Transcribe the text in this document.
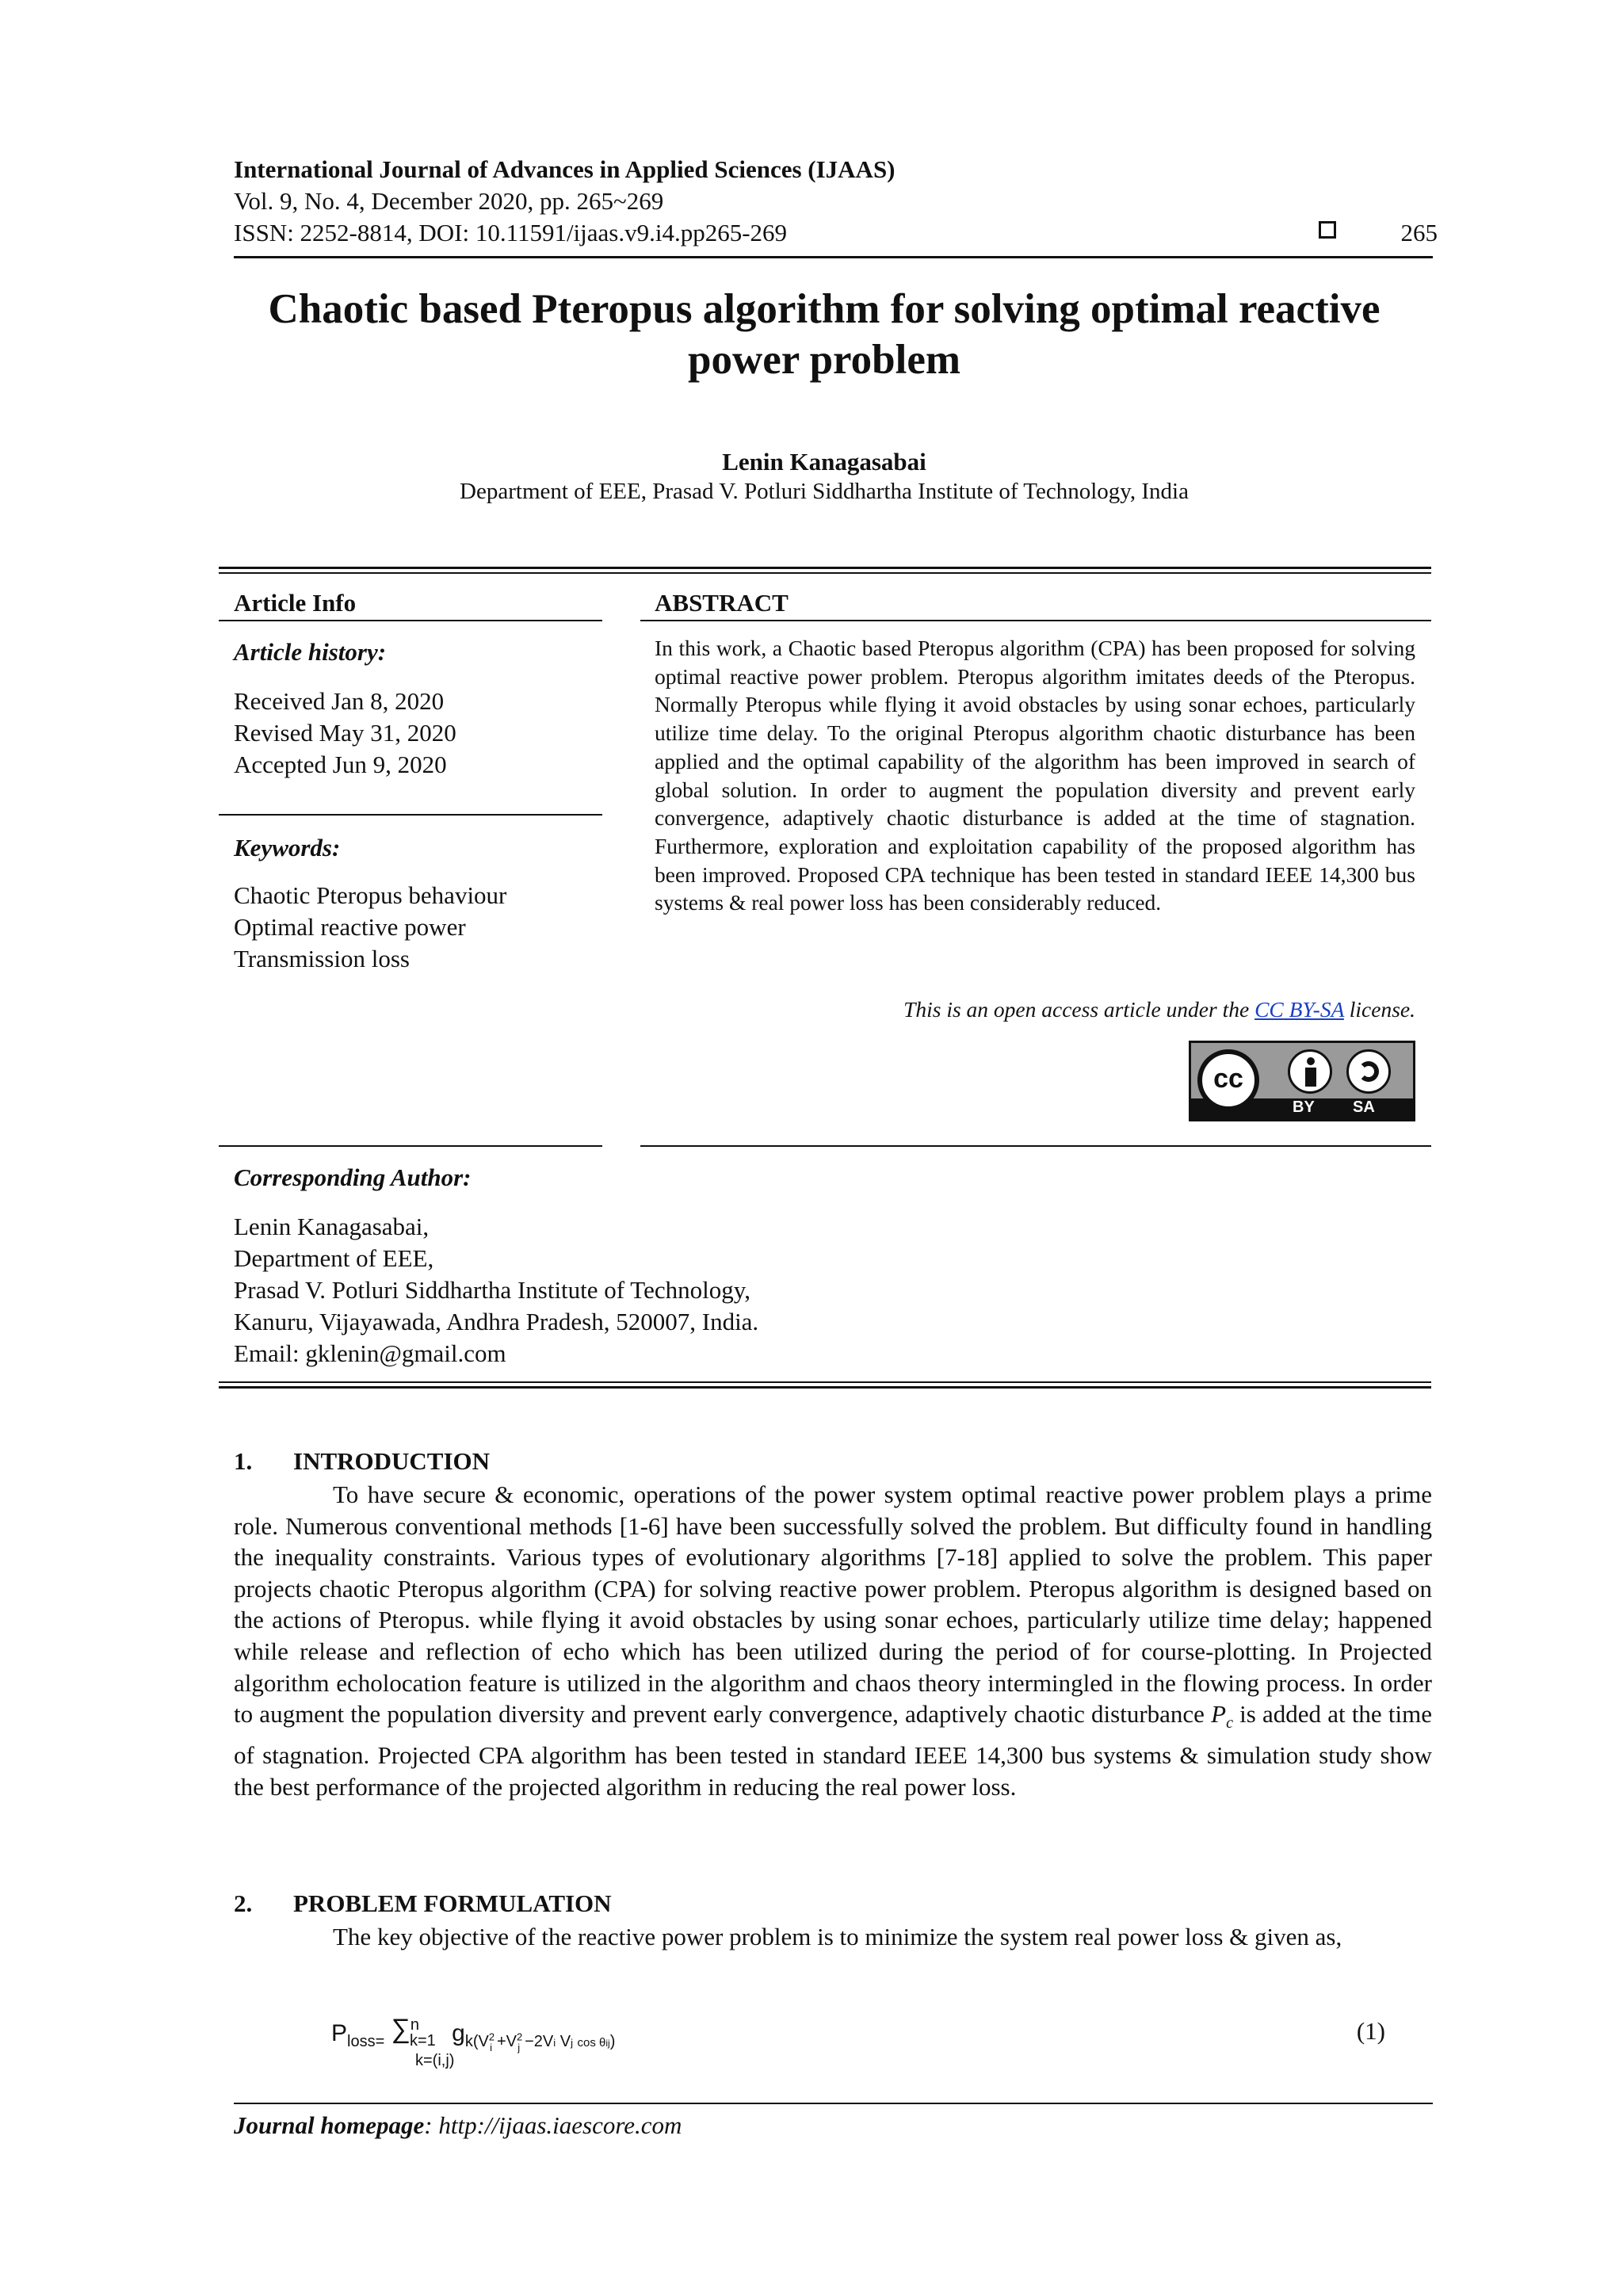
International Journal of Advances in Applied Sciences (IJAAS)
Vol. 9, No. 4, December 2020, pp. 265~269
ISSN: 2252-8814, DOI: 10.11591/ijaas.v9.i4.pp265-269	265
Chaotic based Pteropus algorithm for solving optimal reactive
power problem
Lenin Kanagasabai
Department of EEE, Prasad V. Potluri Siddhartha Institute of Technology, India
Article Info
Article history:
Received Jan 8, 2020
Revised May 31, 2020
Accepted Jun 9, 2020
Keywords:
Chaotic Pteropus behaviour
Optimal reactive power
Transmission loss
ABSTRACT
In this work, a Chaotic based Pteropus algorithm (CPA) has been proposed for solving optimal reactive power problem. Pteropus algorithm imitates deeds of the Pteropus. Normally Pteropus while flying it avoid obstacles by using sonar echoes, particularly utilize time delay. To the original Pteropus algorithm chaotic disturbance has been applied and the optimal capability of the algorithm has been improved in search of global solution. In order to augment the population diversity and prevent early convergence, adaptively chaotic disturbance is added at the time of stagnation. Furthermore, exploration and exploitation capability of the proposed algorithm has been improved. Proposed CPA technique has been tested in standard IEEE 14,300 bus systems & real power loss has been considerably reduced.
This is an open access article under the CC BY-SA license.
cc
BY SA
Corresponding Author:
Lenin Kanagasabai,
Department of EEE,
Prasad V. Potluri Siddhartha Institute of Technology,
Kanuru, Vijayawada, Andhra Pradesh, 520007, India.
Email: gklenin@gmail.com
1. INTRODUCTION

To have secure & economic, operations of the power system optimal reactive power problem plays a prime role. Numerous conventional methods [1-6] have been successfully solved the problem. But difficulty found in handling the inequality constraints. Various types of evolutionary algorithms [7-18] applied to solve the problem. This paper projects chaotic Pteropus algorithm (CPA) for solving reactive power problem. Pteropus algorithm is designed based on the actions of Pteropus. while flying it avoid obstacles by using sonar echoes, particularly utilize time delay; happened while release and reflection of echo which has been utilized during the period of for course-plotting. In Projected algorithm echolocation feature is utilized in the algorithm and chaos theory intermingled in the flowing process. In order to augment the population diversity and prevent early convergence, adaptively chaotic disturbance $P_c$ is added at the time of stagnation. Projected CPA algorithm has been tested in standard IEEE 14,300 bus systems & simulation study show the best performance of the projected algorithm in reducing the real power loss.

2. PROBLEM FORMULATION

The key objective of the reactive power problem is to minimize the system real power loss & given as,

$P_{loss=}$ ∑$^n_{k=1}$ $g_{k(V^2_i +V^2_j -2Vi Vj cos \theta ij)}$
k=(i,j)
(1)
Journal homepage: http://ijaas.iaescore.com
